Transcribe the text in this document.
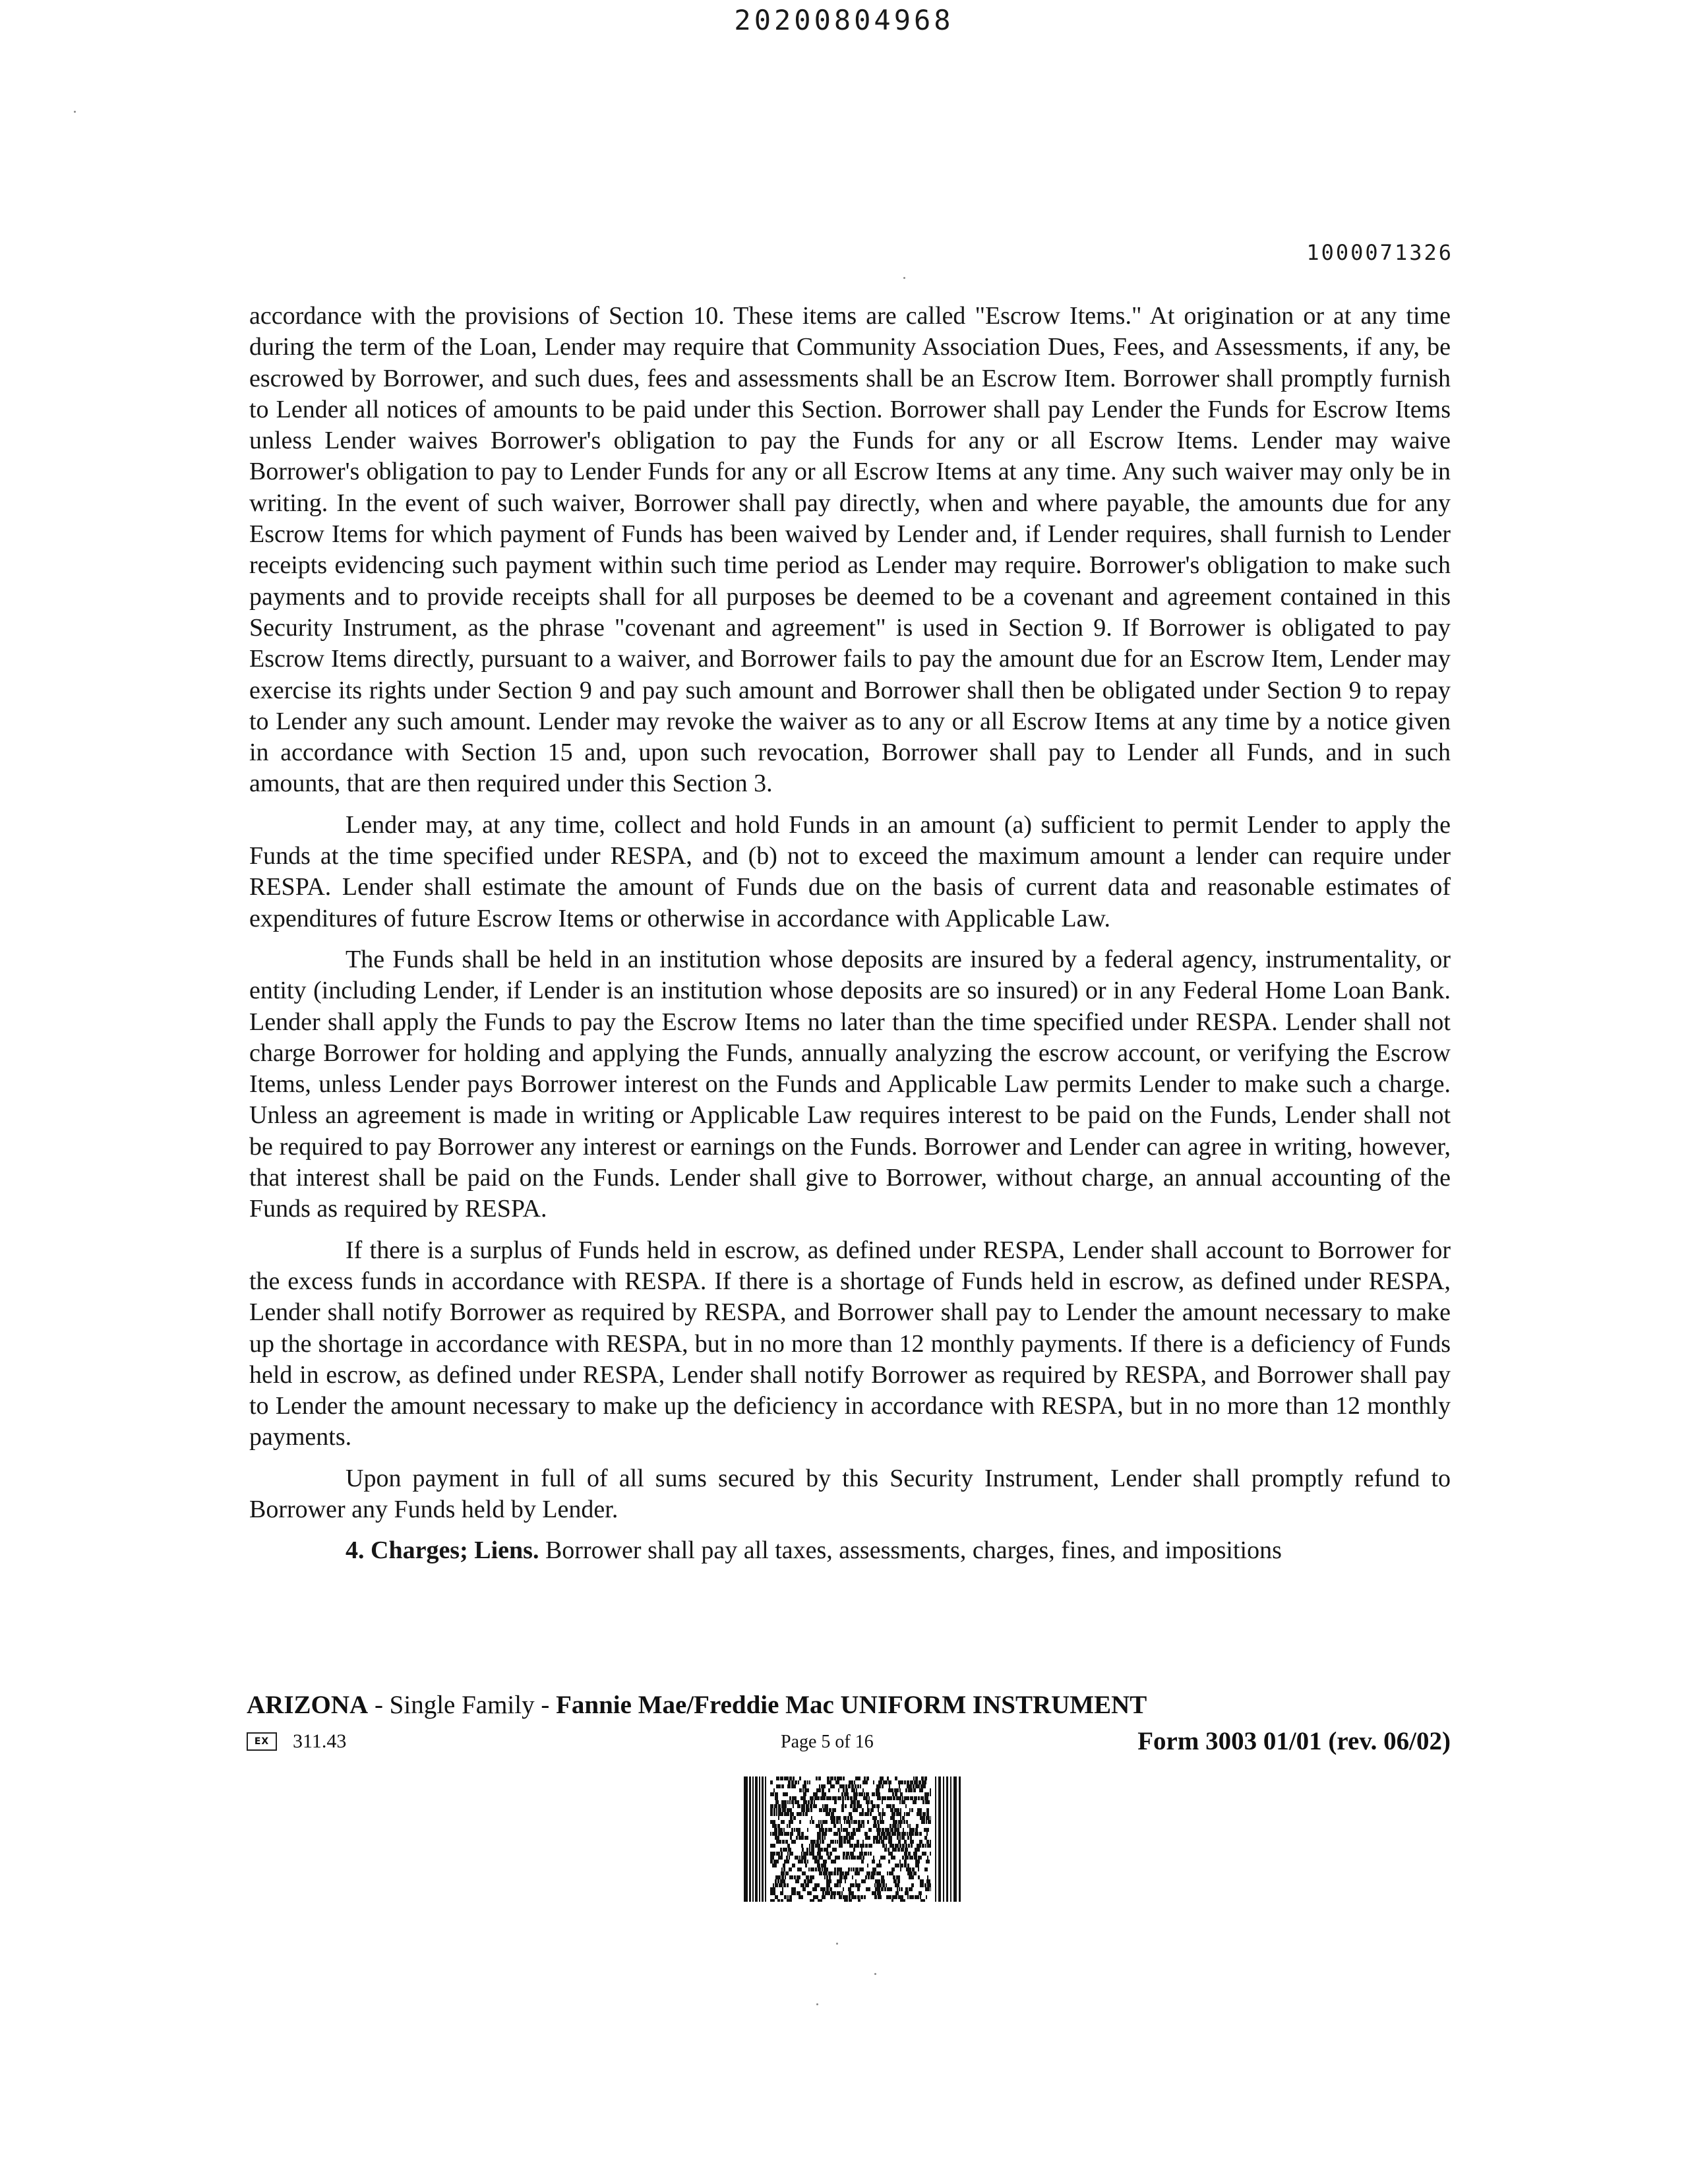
20200804968
1000071326

accordance with the provisions of Section 10. These items are called "Escrow Items." At origination or at any time during the term of the Loan, Lender may require that Community Association Dues, Fees, and Assessments, if any, be escrowed by Borrower, and such dues, fees and assessments shall be an Escrow Item. Borrower shall promptly furnish to Lender all notices of amounts to be paid under this Section. Borrower shall pay Lender the Funds for Escrow Items unless Lender waives Borrower's obligation to pay the Funds for any or all Escrow Items. Lender may waive Borrower's obligation to pay to Lender Funds for any or all Escrow Items at any time. Any such waiver may only be in writing. In the event of such waiver, Borrower shall pay directly, when and where payable, the amounts due for any Escrow Items for which payment of Funds has been waived by Lender and, if Lender requires, shall furnish to Lender receipts evidencing such payment within such time period as Lender may require. Borrower's obligation to make such payments and to provide receipts shall for all purposes be deemed to be a covenant and agreement contained in this Security Instrument, as the phrase "covenant and agreement" is used in Section 9. If Borrower is obligated to pay Escrow Items directly, pursuant to a waiver, and Borrower fails to pay the amount due for an Escrow Item, Lender may exercise its rights under Section 9 and pay such amount and Borrower shall then be obligated under Section 9 to repay to Lender any such amount. Lender may revoke the waiver as to any or all Escrow Items at any time by a notice given in accordance with Section 15 and, upon such revocation, Borrower shall pay to Lender all Funds, and in such amounts, that are then required under this Section 3.

Lender may, at any time, collect and hold Funds in an amount (a) sufficient to permit Lender to apply the Funds at the time specified under RESPA, and (b) not to exceed the maximum amount a lender can require under RESPA. Lender shall estimate the amount of Funds due on the basis of current data and reasonable estimates of expenditures of future Escrow Items or otherwise in accordance with Applicable Law.

The Funds shall be held in an institution whose deposits are insured by a federal agency, instrumentality, or entity (including Lender, if Lender is an institution whose deposits are so insured) or in any Federal Home Loan Bank. Lender shall apply the Funds to pay the Escrow Items no later than the time specified under RESPA. Lender shall not charge Borrower for holding and applying the Funds, annually analyzing the escrow account, or verifying the Escrow Items, unless Lender pays Borrower interest on the Funds and Applicable Law permits Lender to make such a charge. Unless an agreement is made in writing or Applicable Law requires interest to be paid on the Funds, Lender shall not be required to pay Borrower any interest or earnings on the Funds. Borrower and Lender can agree in writing, however, that interest shall be paid on the Funds. Lender shall give to Borrower, without charge, an annual accounting of the Funds as required by RESPA.

If there is a surplus of Funds held in escrow, as defined under RESPA, Lender shall account to Borrower for the excess funds in accordance with RESPA. If there is a shortage of Funds held in escrow, as defined under RESPA, Lender shall notify Borrower as required by RESPA, and Borrower shall pay to Lender the amount necessary to make up the shortage in accordance with RESPA, but in no more than 12 monthly payments. If there is a deficiency of Funds held in escrow, as defined under RESPA, Lender shall notify Borrower as required by RESPA, and Borrower shall pay to Lender the amount necessary to make up the deficiency in accordance with RESPA, but in no more than 12 monthly payments.

Upon payment in full of all sums secured by this Security Instrument, Lender shall promptly refund to Borrower any Funds held by Lender.

4. Charges; Liens. Borrower shall pay all taxes, assessments, charges, fines, and impositions

ARIZONA - Single Family - Fannie Mae/Freddie Mac UNIFORM INSTRUMENT
EX	311.43	Page 5 of 16	Form 3003 01/01 (rev. 06/02)
